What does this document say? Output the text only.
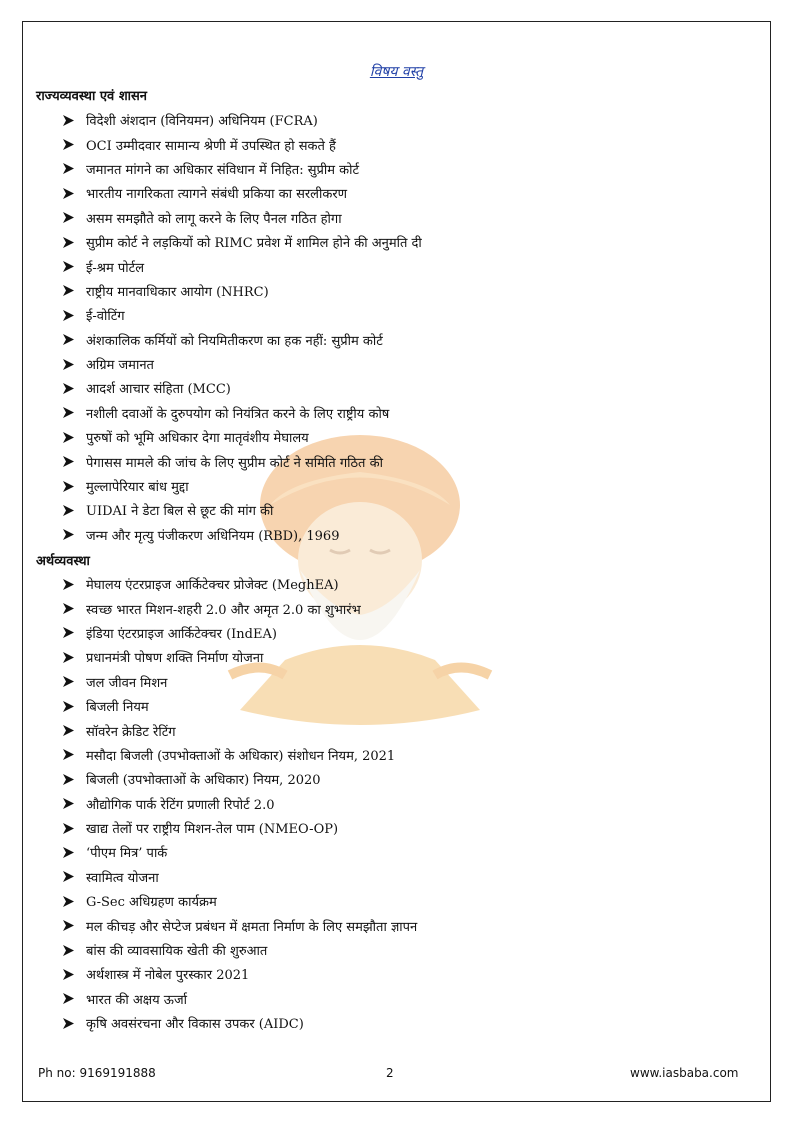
विषय वस्तु
राज्यव्यवस्था एवं शासन
विदेशी अंशदान (विनियमन) अधिनियम (FCRA)
OCI उम्मीदवार सामान्य श्रेणी में उपस्थित हो सकते हैं
जमानत मांगने का अधिकार संविधान में निहित: सुप्रीम कोर्ट
भारतीय नागरिकता त्यागने संबंधी प्रकिया का सरलीकरण
असम समझौते को लागू करने के लिए पैनल गठित होगा
सुप्रीम कोर्ट ने लड़कियों को RIMC प्रवेश में शामिल होने की अनुमति दी
ई-श्रम पोर्टल
राष्ट्रीय मानवाधिकार आयोग (NHRC)
ई-वोटिंग
अंशकालिक कर्मियों को नियमितीकरण का हक नहीं: सुप्रीम कोर्ट
अग्रिम जमानत
आदर्श आचार संहिता (MCC)
नशीली दवाओं के दुरुपयोग को नियंत्रित करने के लिए राष्ट्रीय कोष
पुरुषों को भूमि अधिकार देगा मातृवंशीय मेघालय
पेगासस मामले की जांच के लिए सुप्रीम कोर्ट ने समिति गठित की
मुल्लापेरियार बांध मुद्दा
UIDAI ने डेटा बिल से छूट की मांग की
जन्म और मृत्यु पंजीकरण अधिनियम (RBD), 1969
अर्थव्यवस्था
मेघालय एंटरप्राइज आर्किटेक्चर प्रोजेक्ट (MeghEA)
स्वच्छ भारत मिशन-शहरी 2.0 और अमृत 2.0 का शुभारंभ
इंडिया एंटरप्राइज आर्किटेक्चर (IndEA)
प्रधानमंत्री पोषण शक्ति निर्माण योजना
जल जीवन मिशन
बिजली नियम
सॉवरेन क्रेडिट रेटिंग
मसौदा बिजली (उपभोक्ताओं के अधिकार) संशोधन नियम, 2021
बिजली (उपभोक्ताओं के अधिकार) नियम, 2020
औद्योगिक पार्क रेटिंग प्रणाली रिपोर्ट 2.0
खाद्य तेलों पर राष्ट्रीय मिशन-तेल पाम (NMEO-OP)
‘पीएम मित्र’ पार्क
स्वामित्व योजना
G-Sec अधिग्रहण कार्यक्रम
मल कीचड़ और सेप्टेज प्रबंधन में क्षमता निर्माण के लिए समझौता ज्ञापन
बांस की व्यावसायिक खेती की शुरुआत
अर्थशास्त्र में नोबेल पुरस्कार 2021
भारत की अक्षय ऊर्जा
कृषि अवसंरचना और विकास उपकर (AIDC)
Ph no: 9169191888	2	www.iasbaba.com
